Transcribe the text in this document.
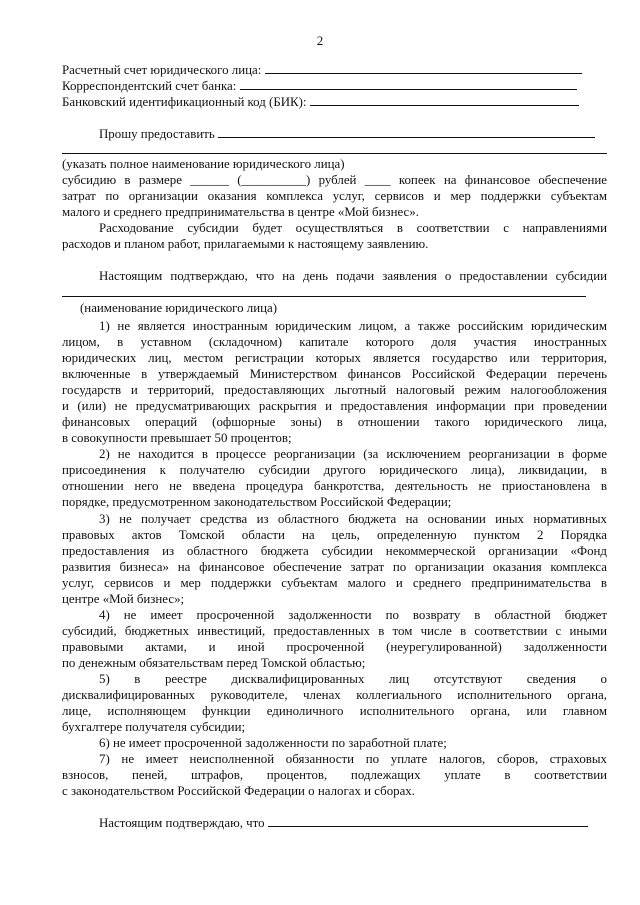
2
Расчетный счет юридического лица:
Корреспондентский счет банка:
Банковский идентификационный код (БИК):
Прошу предоставить
(указать полное наименование юридического лица)
субсидию в размере ______ (__________) рублей ____ копеек на финансовое обеспечение
затрат по организации оказания комплекса услуг, сервисов и мер поддержки субъектам
малого и среднего предпринимательства в центре «Мой бизнес».
Расходование субсидии будет осуществляться в соответствии с направлениями
расходов и планом работ, прилагаемыми к настоящему заявлению.
Настоящим подтверждаю, что на день подачи заявления о предоставлении субсидии
(наименование юридического лица)
1) не является иностранным юридическим лицом, а также российским юридическим
лицом, в уставном (складочном) капитале которого доля участия иностранных
юридических лиц, местом регистрации которых является государство или территория,
включенные в утверждаемый Министерством финансов Российской Федерации перечень
государств и территорий, предоставляющих льготный налоговый режим налогообложения
и (или) не предусматривающих раскрытия и предоставления информации при проведении
финансовых операций (офшорные зоны) в отношении такого юридического лица,
в совокупности превышает 50 процентов;
2) не находится в процессе реорганизации (за исключением реорганизации в форме
присоединения к получателю субсидии другого юридического лица), ликвидации, в
отношении него не введена процедура банкротства, деятельность не приостановлена в
порядке, предусмотренном законодательством Российской Федерации;
3) не получает средства из областного бюджета на основании иных нормативных
правовых актов Томской области на цель, определенную пунктом 2 Порядка
предоставления из областного бюджета субсидии некоммерческой организации «Фонд
развития бизнеса» на финансовое обеспечение затрат по организации оказания комплекса
услуг, сервисов и мер поддержки субъектам малого и среднего предпринимательства в
центре «Мой бизнес»;
4) не имеет просроченной задолженности по возврату в областной бюджет
субсидий, бюджетных инвестиций, предоставленных в том числе в соответствии с иными
правовыми актами, и иной просроченной (неурегулированной) задолженности
по денежным обязательствам перед Томской областью;
5) в реестре дисквалифицированных лиц отсутствуют сведения о
дисквалифицированных руководителе, членах коллегиального исполнительного органа,
лице, исполняющем функции единоличного исполнительного органа, или главном
бухгалтере получателя субсидии;
6) не имеет просроченной задолженности по заработной плате;
7) не имеет неисполненной обязанности по уплате налогов, сборов, страховых
взносов, пеней, штрафов, процентов, подлежащих уплате в соответствии
с законодательством Российской Федерации о налогах и сборах.
Настоящим подтверждаю, что
